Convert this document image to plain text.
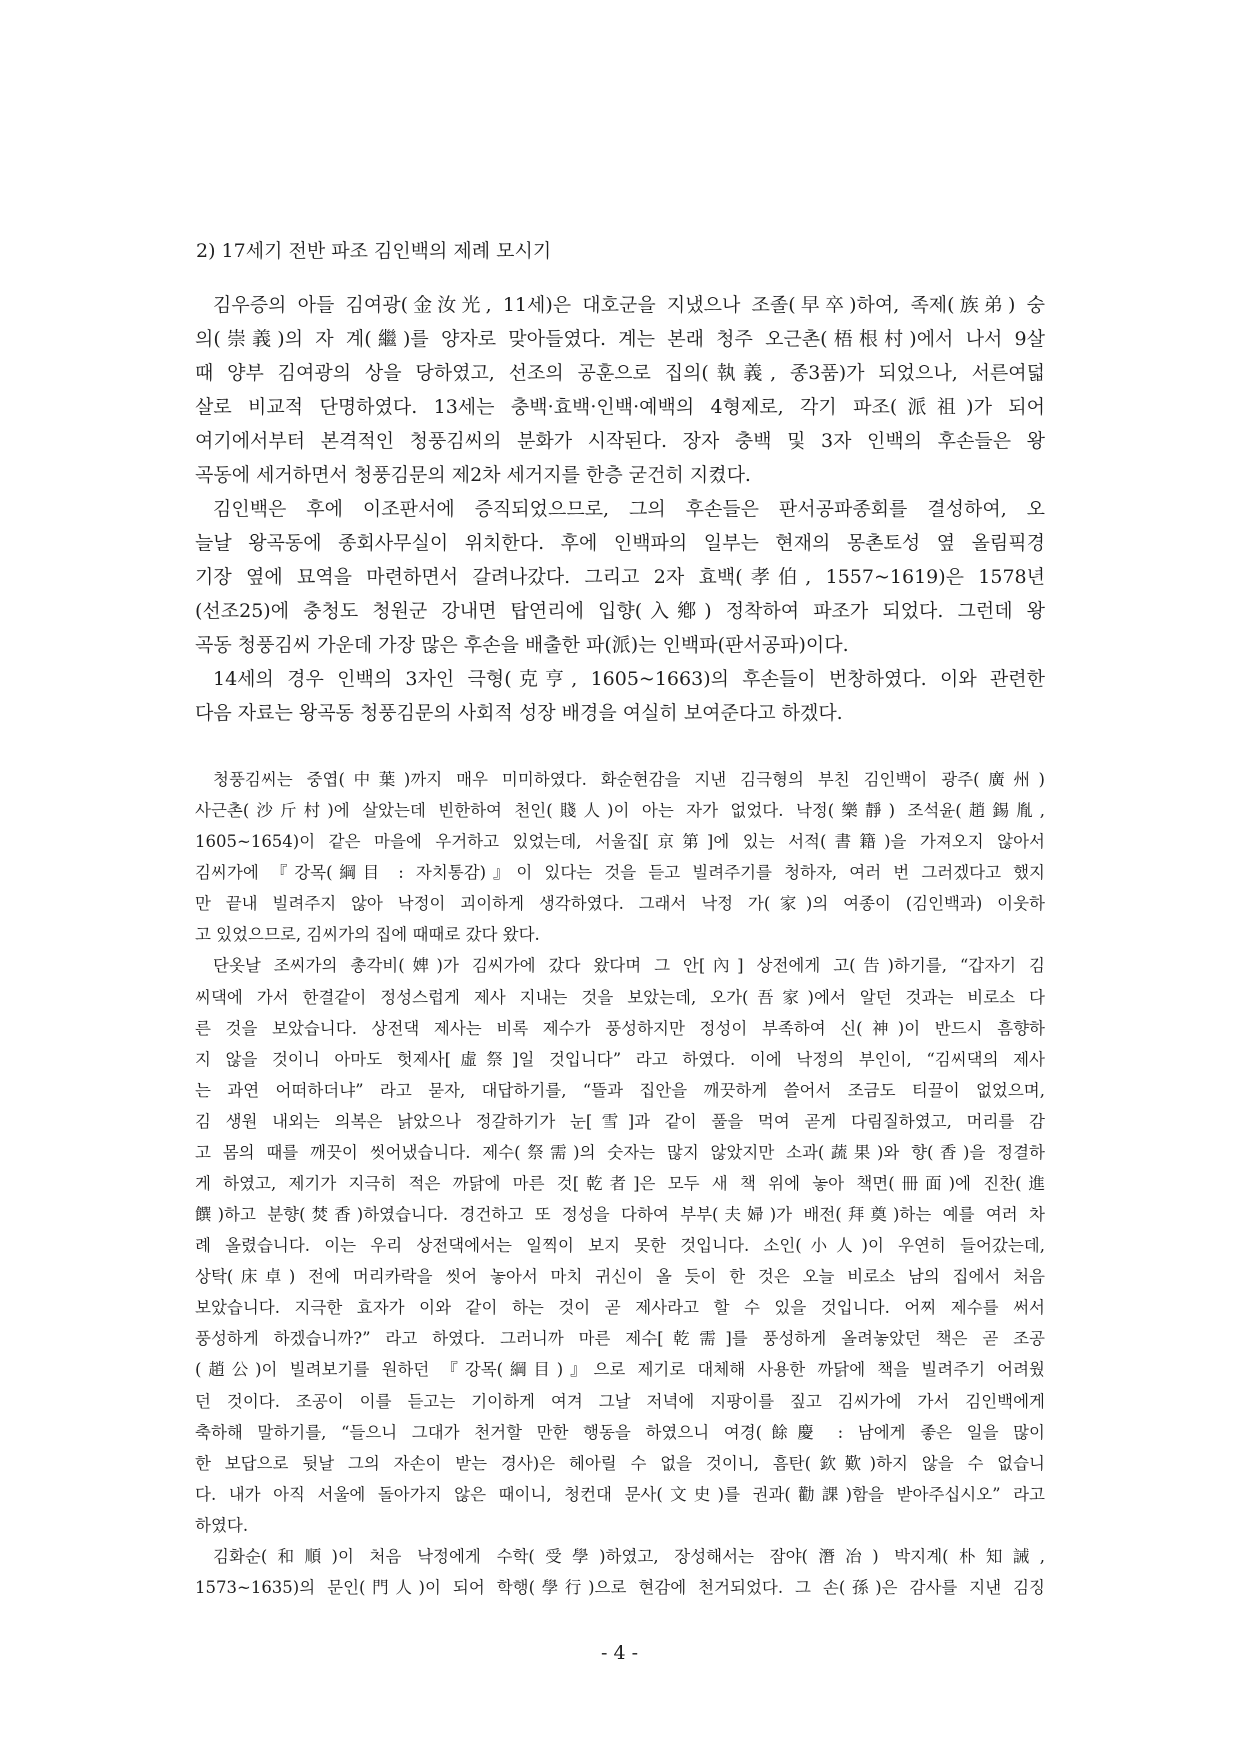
2) 17세기 전반 파조 김인백의 제례 모시기
김우증의 아들 김여광(金汝光, 11세)은 대호군을 지냈으나 조졸(早卒)하여, 족제(族弟) 숭
의(崇義)의 자 계(繼)를 양자로 맞아들였다. 계는 본래 청주 오근촌(梧根村)에서 나서 9살
때 양부 김여광의 상을 당하였고, 선조의 공훈으로 집의(執義, 종3품)가 되었으나, 서른여덟
살로 비교적 단명하였다. 13세는 충백·효백·인백·예백의 4형제로, 각기 파조(派祖)가 되어
여기에서부터 본격적인 청풍김씨의 분화가 시작된다. 장자 충백 및 3자 인백의 후손들은 왕
곡동에 세거하면서 청풍김문의 제2차 세거지를 한층 굳건히 지켰다.
김인백은 후에 이조판서에 증직되었으므로, 그의 후손들은 판서공파종회를 결성하여, 오
늘날 왕곡동에 종회사무실이 위치한다. 후에 인백파의 일부는 현재의 몽촌토성 옆 올림픽경
기장 옆에 묘역을 마련하면서 갈려나갔다. 그리고 2자 효백(孝伯, 1557~1619)은 1578년
(선조25)에 충청도 청원군 강내면 탑연리에 입향(入鄕) 정착하여 파조가 되었다. 그런데 왕
곡동 청풍김씨 가운데 가장 많은 후손을 배출한 파(派)는 인백파(판서공파)이다.
14세의 경우 인백의 3자인 극형(克亨, 1605~1663)의 후손들이 번창하였다. 이와 관련한
다음 자료는 왕곡동 청풍김문의 사회적 성장 배경을 여실히 보여준다고 하겠다.
청풍김씨는 중엽(中葉)까지 매우 미미하였다. 화순현감을 지낸 김극형의 부친 김인백이 광주(廣州)
사근촌(沙斤村)에 살았는데 빈한하여 천인(賤人)이 아는 자가 없었다. 낙정(樂靜) 조석윤(趙錫胤,
1605~1654)이 같은 마을에 우거하고 있었는데, 서울집[京第]에 있는 서적(書籍)을 가져오지 않아서
김씨가에 『강목(綱目 : 자치통감)』이 있다는 것을 듣고 빌려주기를 청하자, 여러 번 그러겠다고 했지
만 끝내 빌려주지 않아 낙정이 괴이하게 생각하였다. 그래서 낙정 가(家)의 여종이 (김인백과) 이웃하
고 있었으므로, 김씨가의 집에 때때로 갔다 왔다.
단옷날 조씨가의 총각비(婢)가 김씨가에 갔다 왔다며 그 안[內] 상전에게 고(告)하기를, “갑자기 김
씨댁에 가서 한결같이 정성스럽게 제사 지내는 것을 보았는데, 오가(吾家)에서 알던 것과는 비로소 다
른 것을 보았습니다. 상전댁 제사는 비록 제수가 풍성하지만 정성이 부족하여 신(神)이 반드시 흠향하
지 않을 것이니 아마도 헛제사[虛祭]일 것입니다” 라고 하였다. 이에 낙정의 부인이, “김씨댁의 제사
는 과연 어떠하더냐” 라고 묻자, 대답하기를, “뜰과 집안을 깨끗하게 쓸어서 조금도 티끌이 없었으며,
김 생원 내외는 의복은 낡았으나 정갈하기가 눈[雪]과 같이 풀을 먹여 곧게 다림질하였고, 머리를 감
고 몸의 때를 깨끗이 씻어냈습니다. 제수(祭需)의 숫자는 많지 않았지만 소과(蔬果)와 향(香)을 정결하
게 하였고, 제기가 지극히 적은 까닭에 마른 것[乾者]은 모두 새 책 위에 놓아 책면(冊面)에 진찬(進
饌)하고 분향(焚香)하였습니다. 경건하고 또 정성을 다하여 부부(夫婦)가 배전(拜奠)하는 예를 여러 차
례 올렸습니다. 이는 우리 상전댁에서는 일찍이 보지 못한 것입니다. 소인(小人)이 우연히 들어갔는데,
상탁(床卓) 전에 머리카락을 씻어 놓아서 마치 귀신이 올 듯이 한 것은 오늘 비로소 남의 집에서 처음
보았습니다. 지극한 효자가 이와 같이 하는 것이 곧 제사라고 할 수 있을 것입니다. 어찌 제수를 써서
풍성하게 하겠습니까?” 라고 하였다. 그러니까 마른 제수[乾需]를 풍성하게 올려놓았던 책은 곧 조공
(趙公)이 빌려보기를 원하던 『강목(綱目)』으로 제기로 대체해 사용한 까닭에 책을 빌려주기 어려웠
던 것이다. 조공이 이를 듣고는 기이하게 여겨 그날 저녁에 지팡이를 짚고 김씨가에 가서 김인백에게
축하해 말하기를, “들으니 그대가 천거할 만한 행동을 하였으니 여경(餘慶 : 남에게 좋은 일을 많이
한 보답으로 뒷날 그의 자손이 받는 경사)은 헤아릴 수 없을 것이니, 흠탄(欽歎)하지 않을 수 없습니
다. 내가 아직 서울에 돌아가지 않은 때이니, 청컨대 문사(文史)를 권과(勸課)함을 받아주십시오” 라고
하였다.
김화순(和順)이 처음 낙정에게 수학(受學)하였고, 장성해서는 잠야(潛冶) 박지계(朴知誡,
1573~1635)의 문인(門人)이 되어 학행(學行)으로 현감에 천거되었다. 그 손(孫)은 감사를 지낸 김징
- 4 -
